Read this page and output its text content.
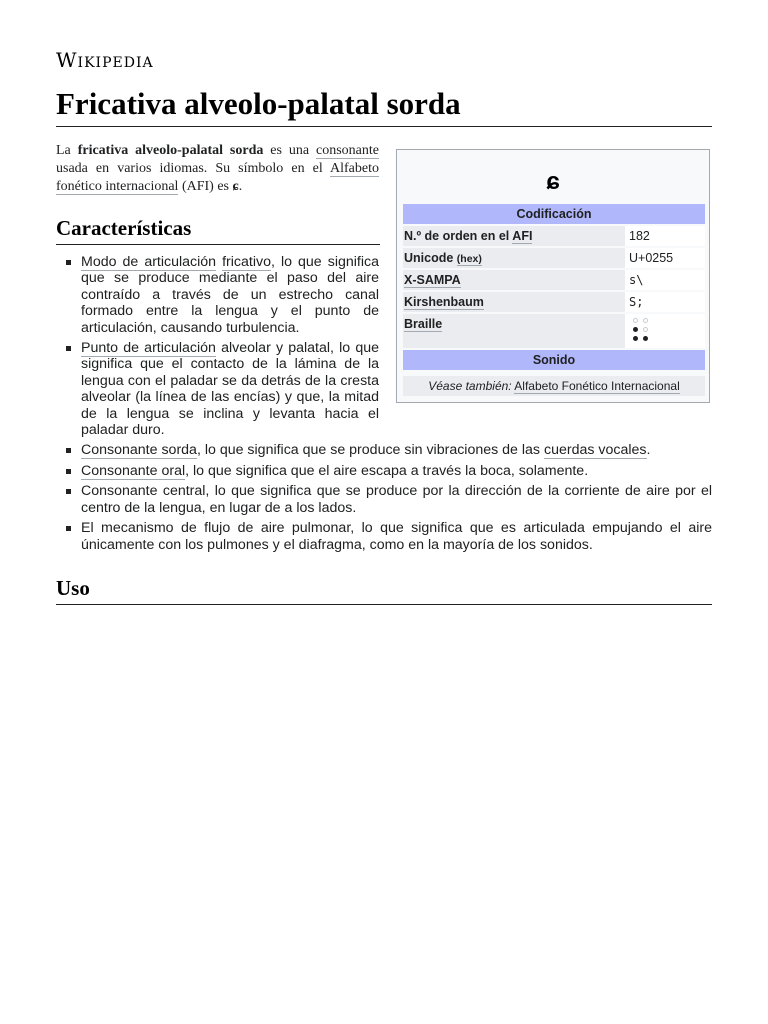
Wikipedia
Fricativa alveolo-palatal sorda

La fricativa alveolo-palatal sorda es una consonante usada en varios idiomas. Su símbolo en el Alfabeto fonético internacional (AFI) es ɕ.

Características
Modo de articulación fricativo, lo que significa que se produce mediante el paso del aire contraído a través de un estrecho canal formado entre la lengua y el punto de articulación, causando turbulencia.
Punto de articulación alveolar y palatal, lo que significa que el contacto de la lámina de la lengua con el paladar se da detrás de la cresta alveolar (la línea de las encías) y que, la mitad de la lengua se inclina y levanta hacia el paladar duro.
Consonante sorda, lo que significa que se produce sin vibraciones de las cuerdas vocales.
Consonante oral, lo que significa que el aire escapa a través la boca, solamente.
Consonante central, lo que significa que se produce por la dirección de la corriente de aire por el centro de la lengua, en lugar de a los lados.
El mecanismo de flujo de aire pulmonar, lo que significa que es articulada empujando el aire únicamente con los pulmones y el diafragma, como en la mayoría de los sonidos.
Uso
ɕ
Codificación
N.º de orden en el AFI	182
Unicode (hex)	U+0255
X-SAMPA	s\
Kirshenbaum	S;
Braille
Sonido
Véase también: Alfabeto Fonético Internacional
